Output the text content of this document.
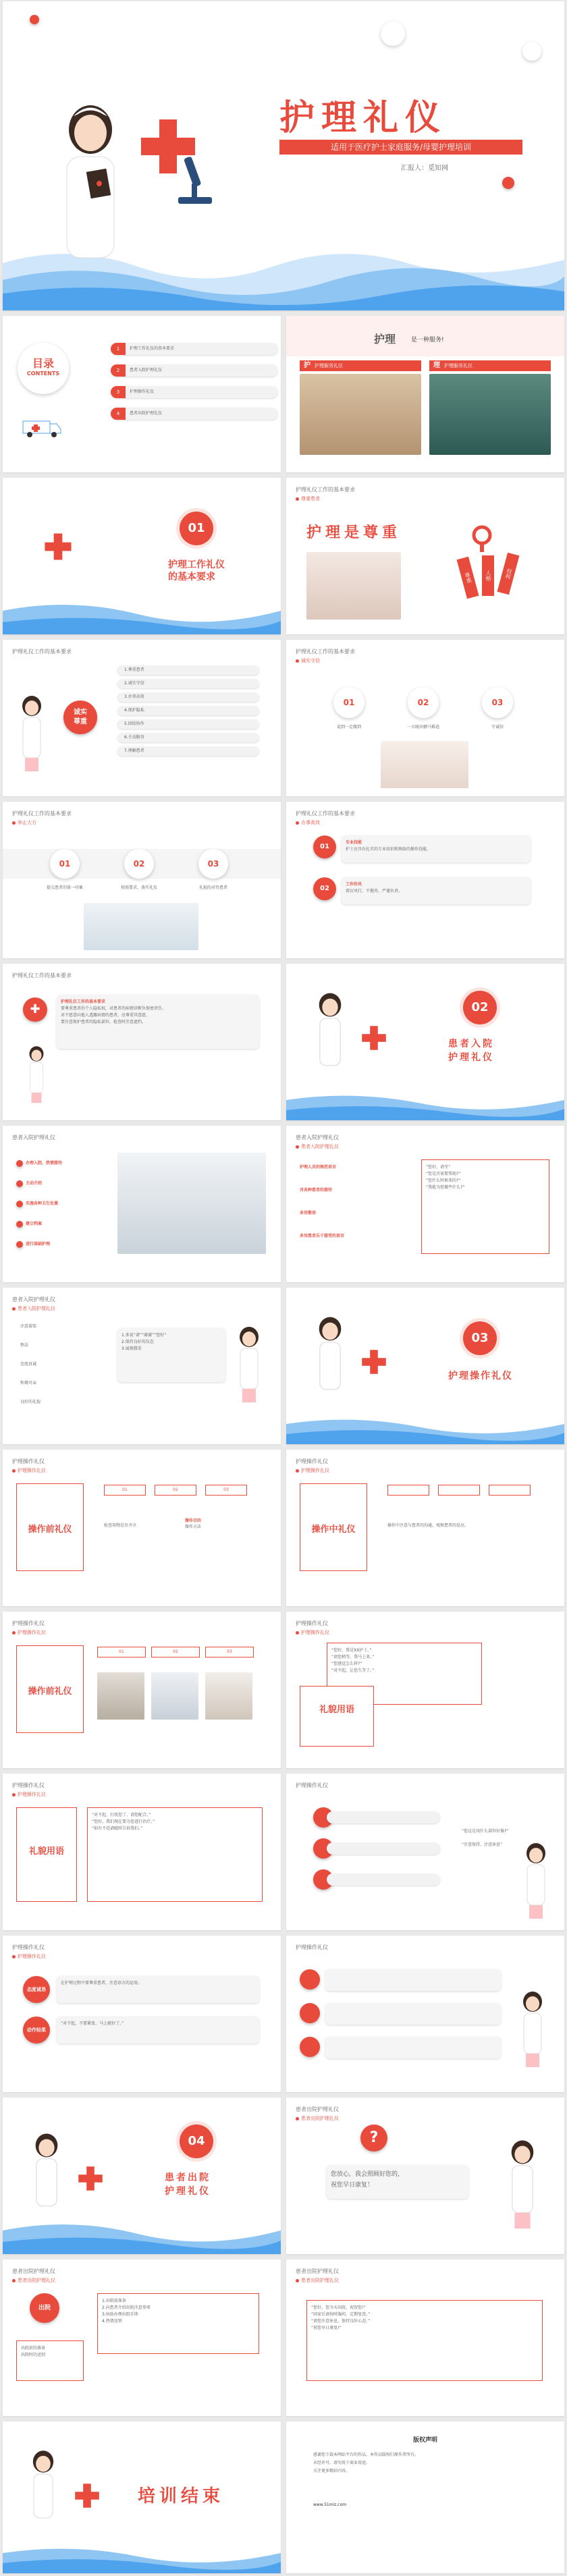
护理礼仪
适用于医疗护士家庭服务/母婴护理培训
汇报人：觅知网
目录
CONTENTS
1	护理工作礼仪的基本要求
2	患者入院护理礼仪
3	护理操作礼仪
4	患者出院护理礼仪
护理	是一种服务!
护 护理服务礼仪	理 护理服务礼仪
01
护理工作礼仪
的基本要求
护理礼仪工作的基本要求
尊重患者
护理是尊重
尊重	人格	权利
护理礼仪工作的基本要求
诚实
尊重
1.尊重患者
2.诚实守信
3.办事高效
4.保护隐私
5.团结协作
6.主动服务
7.理解患者
护理礼仪工作的基本要求
诚实守信
01	02	03
说到一定做到	一言既出驷马难追	守诚信
护理礼仪工作的基本要求
举止大方
01	02	03
提交患者的第一印象	按照要求，落实礼仪	礼貌的对待患者
护理礼仪工作的基本要求
办事高效
01
专业技能
护士应具有扎实的专业知识和熟练的操作技能。
02
工作作风
雷厉风行，不拖沓，严谨负责。
护理礼仪工作的基本要求
✚
护理礼仪工作的基本要求
要尊重患者的个人隐私权，对患者的病情诊断负保密责任。
对不愿意向他人透露病情的患者，应尊重其意愿。
要注意保护患者的隐私部位，检查时注意遮挡。
02
患者入院
护理礼仪
患者入院护理礼仪
办理入院，热情接待
主动介绍
实施各种卫生处置
建立档案
进行基础护理
患者入院护理礼仪
患者入院护理礼仪
护理人员的规范语言
对各种患者的接待
多用敬语
多用患者乐于接受的语言
“您好，请坐”
“您是否需要帮助?”
“您什么时候来的?”
“我能为您做些什么?”
患者入院护理礼仪
患者入院护理礼仪
注意着装
整洁
态度真诚
和蔼可亲
良好的礼貌
1.多说“请”“谢谢”“您好”
2.保持良好的仪态
3.展现微笑
03
护理操作礼仪
护理操作礼仪
护理操作礼仪
操作前礼仪
01	02	03

检查用物是否齐全
操作目的
操作方法
护理操作礼仪
护理操作礼仪
操作中礼仪	操作中注意与患者的沟通，观察患者的反应。
护理操作礼仪
护理操作礼仪
操作前礼仪
01	02	03
护理操作礼仪
护理操作礼仪
“您好，我是XX护士。”
“请您稍等，我马上来。”
“您感觉怎么样?”
“对不起，让您久等了。”
礼貌用语
护理操作礼仪
护理操作礼仪
礼貌用语
“对不起，打扰您了，请您配合。”
“您好，我们现在要为您进行治疗。”
“如有不适请随时告诉我们。”
护理操作礼仪
“您这是用什么部位好像?”
“注意保持，注意休息”
护理操作礼仪
护理操作礼仪
态度诚恳
在护理过程中要尊重患者，注意语言的运用。
动作轻柔
“对不起，不要紧张，马上就好了。”
护理操作礼仪
04
患者出院
护理礼仪
患者出院护理礼仪
患者出院护理礼仪
?
您放心，我会照顾好您的，
祝您早日康复！
患者出院护理礼仪
患者出院护理礼仪
出院
1.出院前准备
2.向患者介绍出院注意事项
3.协助办理出院手续
4.热情送别
出院前的准备
出院时的送别
患者出院护理礼仪
患者出院护理礼仪
“您好，您今天出院，祝贺您!”
“回家后请按时服药，定期复查。”
“请您注意休息，保持良好心态。”
“祝您早日康复!”
培训结束
版权声明
感谢您下载本网站平台的作品，本作品版权归原作者所有。
未经许可，请勿用于商业用途。
关注更多精彩内容。
www.51miz.com
